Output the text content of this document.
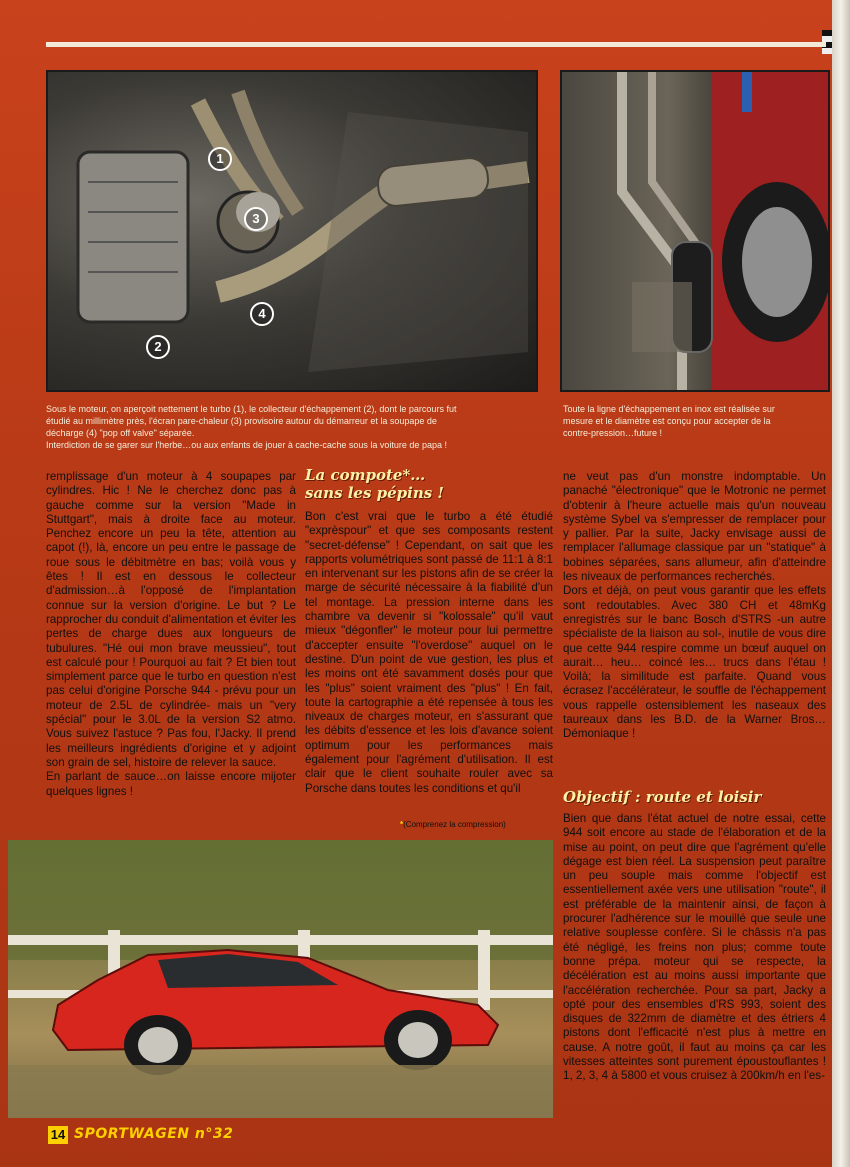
1
2
3
4
Sous le moteur, on aperçoit nettement le turbo (1), le collecteur d'échappement (2), dont le parcours fut
étudié au millimètre près, l'écran pare-chaleur (3) provisoire autour du démarreur et la soupape de
décharge (4) "pop off valve" séparée.
Interdiction de se garer sur l'herbe…ou aux enfants de jouer à cache-cache sous la voiture de papa !
Toute la ligne d'échappement en inox est réalisée sur
mesure et le diamètre est conçu pour accepter de la
contre-pression…future !

remplissage d'un moteur à 4 soupapes par cylindres. Hic ! Ne le cherchez donc pas à gauche comme sur la version "Made in Stuttgart", mais à droite face au moteur. Penchez encore un peu la tête, attention au capot (!), là, encore un peu entre le passage de roue sous le débitmètre en bas; voilà vous y êtes ! Il est en dessous le collecteur d'admission…à l'opposé de l'implantation connue sur la version d'origine. Le but ? Le rapprocher du conduit d'alimentation et éviter les pertes de charge dues aux longueurs de tubulures. "Hé oui mon brave meussieu", tout est calculé pour ! Pourquoi au fait ? Et bien tout simplement parce que le turbo en question n'est pas celui d'origine Porsche 944 - prévu pour un moteur de 2.5L de cylindrée- mais un "very spécial" pour le 3.0L de la version S2 atmo. Vous suivez l'astuce ? Pas fou, l'Jacky. Il prend les meilleurs ingrédients d'origine et y adjoint son grain de sel, histoire de relever la sauce.

En parlant de sauce…on laisse encore mijoter quelques lignes !

La compote*…
sans les pépins !

Bon c'est vrai que le turbo a été étudié "exprèspour" et que ses composants restent "secret-défense" ! Cependant, on sait que les rapports volumétriques sont passé de 11:1 à 8:1 en intervenant sur les pistons afin de se créer la marge de sécurité nécessaire à la fiabilité d'un tel montage. La pression interne dans les chambre va devenir si "kolossale" qu'il vaut mieux "dégonfler" le moteur pour lui permettre d'accepter ensuite "l'overdose" auquel on le destine. D'un point de vue gestion, les plus et les moins ont été savamment dosés pour que les "plus" soient vraiment des "plus" ! En fait, toute la cartographie a été repensée à tous les niveaux de charges moteur, en s'assurant que les débits d'essence et les lois d'avance soient optimum pour les performances mais également pour l'agrément d'utilisation. Il est clair que le client souhaite rouler avec sa Porsche dans toutes les conditions et qu'il

*(Comprenez la compression)

ne veut pas d'un monstre indomptable. Un panaché "électronique" que le Motronic ne permet d'obtenir à l'heure actuelle mais qu'un nouveau système Sybel va s'empresser de remplacer pour y pallier. Par la suite, Jacky envisage aussi de remplacer l'allumage classique par un "statique" à bobines séparées, sans allumeur, afin d'atteindre les niveaux de performances recherchés.

Dors et déjà, on peut vous garantir que les effets sont redoutables. Avec 380 CH et 48mKg enregistrés sur le banc Bosch d'STRS -un autre spécialiste de la liaison au sol-, inutile de vous dire que cette 944 respire comme un bœuf auquel on aurait… heu… coincé les… trucs dans l'étau ! Voilà; la similitude est parfaite. Quand vous écrasez l'accélérateur, le souffle de l'échappement vous rappelle ostensiblement les naseaux des taureaux dans les B.D. de la Warner Bros… Démoniaque !

Objectif : route et loisir

Bien que dans l'état actuel de notre essai, cette 944 soit encore au stade de l'élaboration et de la mise au point, on peut dire que l'agrément qu'elle dégage est bien réel. La suspension peut paraître un peu souple mais comme l'objectif est essentiellement axée vers une utilisation "route", il est préférable de la maintenir ainsi, de façon à procurer l'adhérence sur le mouillé que seule une relative souplesse confère. Si le châssis n'a pas été négligé, les freins non plus; comme toute bonne prépa. moteur qui se respecte, la décélération est au moins aussi importante que l'accélération recherchée. Pour sa part, Jacky a opté pour des ensembles d'RS 993, soient des disques de 322mm de diamètre et des étriers 4 pistons dont l'efficacité n'est plus à mettre en cause. A notre goût, il faut au moins ça car les vitesses atteintes sont purement époustouflantes ! 1, 2, 3, 4 à 5800 et vous cruisez à 200km/h en l'es-

14 SPORTWAGEN n°32
